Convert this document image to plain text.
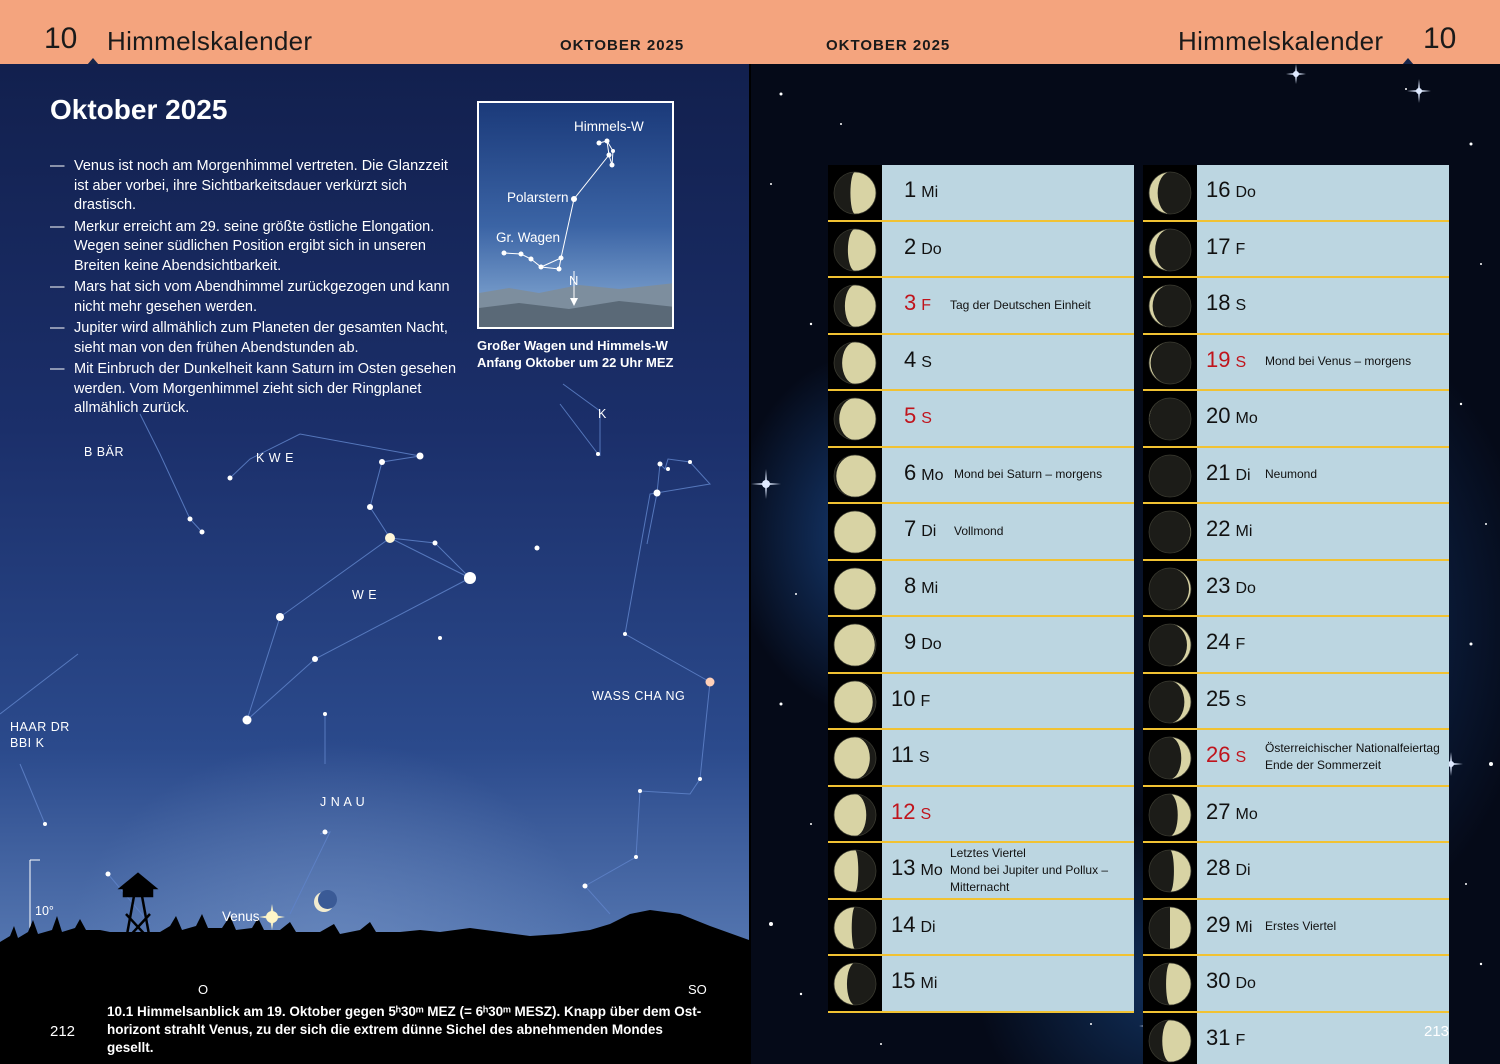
10 Himmelskalender	OKTOBER 2025	OKTOBER 2025	Himmelskalender 10
Oktober 2025
— Venus ist noch am Morgenhimmel vertreten. Die Glanzzeit ist aber vorbei, ihre Sichtbarkeitsdauer verkürzt sich drastisch.
— Merkur erreicht am 29. seine größte östliche Elongation. Wegen seiner südlichen Position ergibt sich in unseren Breiten keine Abendsichtbarkeit.
— Mars hat sich vom Abendhimmel zurückgezogen und kann nicht mehr gesehen werden.
— Jupiter wird allmählich zum Planeten der gesamten Nacht, sieht man von den frühen Abendstunden ab.
— Mit Einbruch der Dunkelheit kann Saturn im Osten gesehen werden. Vom Morgenhimmel zieht sich der Ringplanet allmählich zurück.
Himmels-W
Polarstern
Gr. Wagen
N
Großer Wagen und Himmels-W
Anfang Oktober um 22 Uhr MEZ
B BÄR	K W E
W E
HAAR DR
BBI K
WASS CHA NG
J N A U
K
Venus
10°
O	SO
10.1 Himmelsanblick am 19. Oktober gegen 5ʰ30ᵐ MEZ (= 6ʰ30ᵐ MESZ). Knapp über dem Ost-
horizont strahlt Venus, zu der sich die extrem dünne Sichel des abnehmenden Mondes gesellt.
212
1 Mi
2 Do
3 F Tag der Deutschen Einheit
4 S
5 S
6 Mo Mond bei Saturn – morgens
7 Di Vollmond
8 Mi
9 Do
10 F
11 S
12 S
13 Mo
Letztes Viertel
Mond bei Jupiter und Pollux –
Mitternacht
14 Di
15 Mi
16 Do
17 F
18 S
19 S Mond bei Venus – morgens
20 Mo
21 Di Neumond
22 Mi
23 Do
24 F
25 S
26 S
Österreichischer Nationalfeiertag
Ende der Sommerzeit
27 Mo
28 Di
29 Mi Erstes Viertel
30 Do
31 F	213
